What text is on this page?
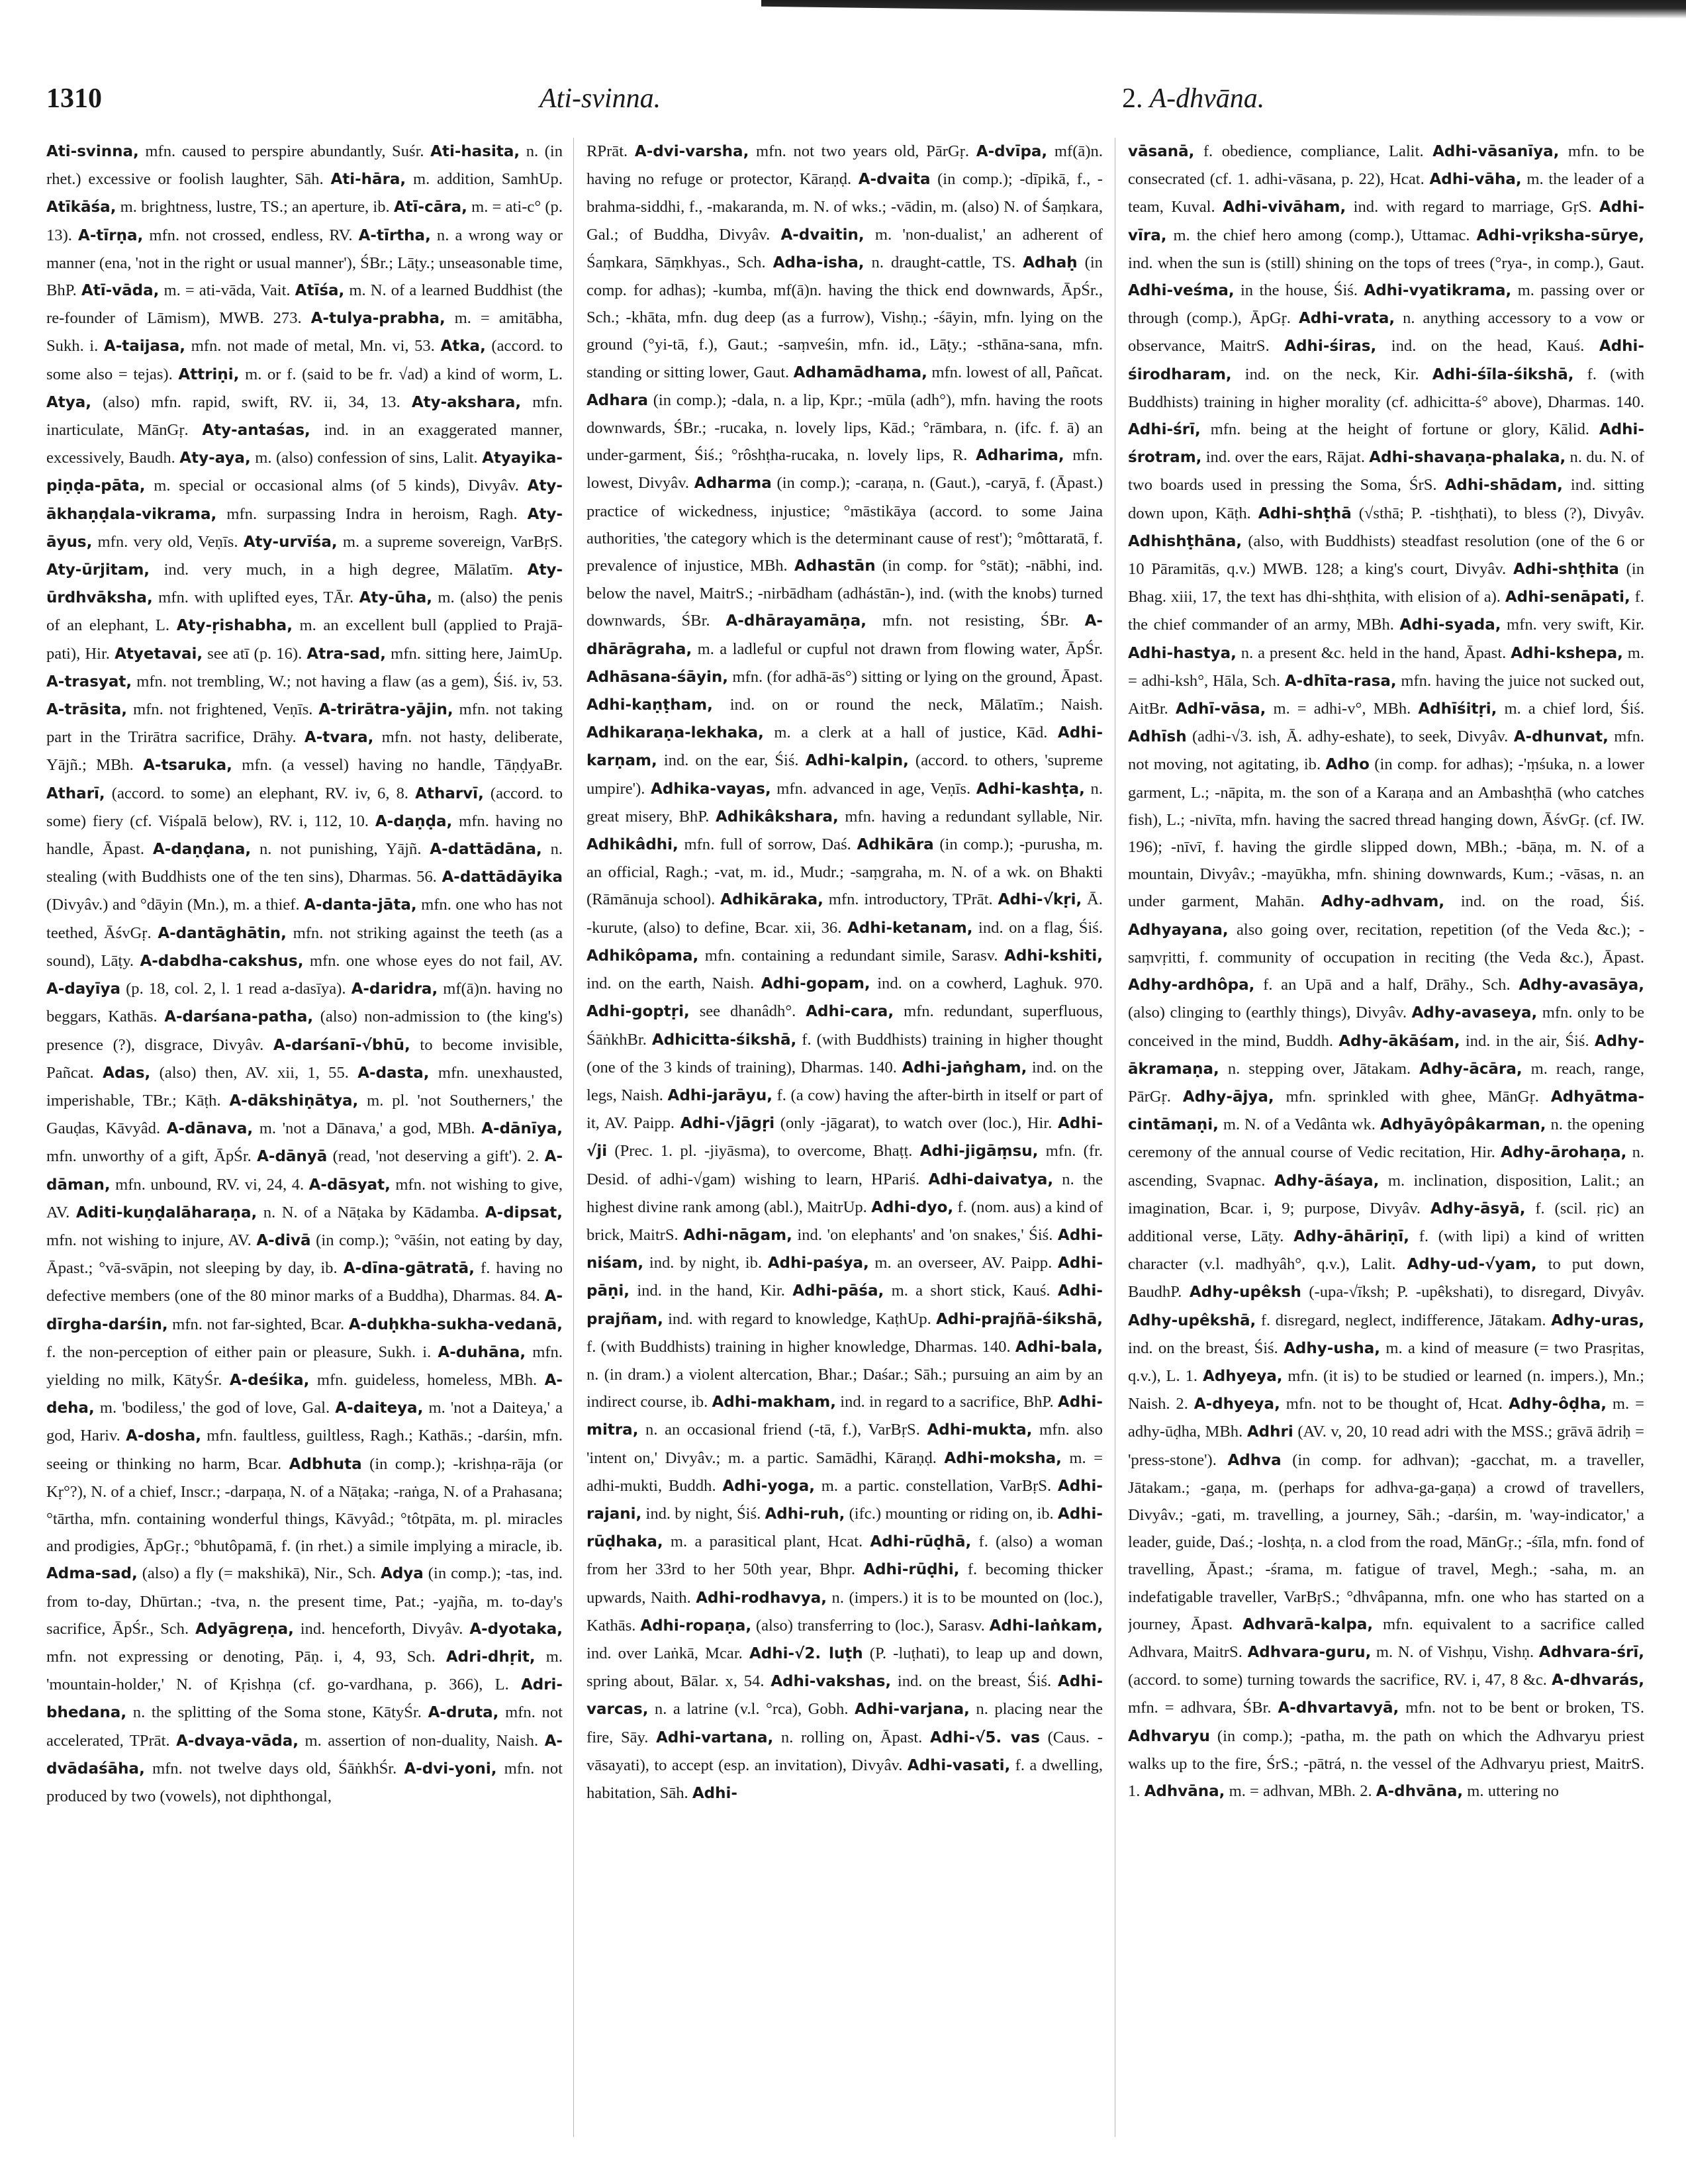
1310	Ati-svinna.	2. A-dhvāna.
Ati-svinna, mfn. caused to perspire abundantly, Suśr. Ati-hasita, n. (in rhet.) excessive or foolish laughter, Sāh. Ati-hāra, m. addition, SamhUp. Atīkāśa, m. brightness, lustre, TS.; an aperture, ib. Atī-cāra, m. = ati-c° (p. 13). A-tīrṇa, mfn. not crossed, endless, RV. A-tīrtha, n. a wrong way or manner (ena, 'not in the right or usual manner'), ŚBr.; Lāṭy.; unseasonable time, BhP. Atī-vāda, m. = ati-vāda, Vait. Atīśa, m. N. of a learned Buddhist (the re-founder of Lāmism), MWB. 273. A-tulya-prabha, m. = amitābha, Sukh. i. A-taijasa, mfn. not made of metal, Mn. vi, 53. Atka, (accord. to some also = tejas). Attriṇi, m. or f. (said to be fr. √ad) a kind of worm, L. Atya, (also) mfn. rapid, swift, RV. ii, 34, 13. Aty-akshara, mfn. inarticulate, MānGṛ. Aty-antaśas, ind. in an exaggerated manner, excessively, Baudh. Aty-aya, m. (also) confession of sins, Lalit. Atyayika-piṇḍa-pāta, m. special or occasional alms (of 5 kinds), Divyâv. Aty-ākhaṇḍala-vikrama, mfn. surpassing Indra in heroism, Ragh. Aty-āyus, mfn. very old, Veṇīs. Aty-urvīśa, m. a supreme sovereign, VarBṛS. Aty-ūrjitam, ind. very much, in a high degree, Mālatīm. Aty-ūrdhvāksha, mfn. with uplifted eyes, TĀr. Aty-ūha, m. (also) the penis of an elephant, L. Aty-ṛishabha, m. an excellent bull (applied to Prajā-pati), Hir. Atyetavai, see atī (p. 16). Atra-sad, mfn. sitting here, JaimUp. A-trasyat, mfn. not trembling, W.; not having a flaw (as a gem), Śiś. iv, 53. A-trāsita, mfn. not frightened, Veṇīs. A-trirātra-yājin, mfn. not taking part in the Trirātra sacrifice, Drāhy. A-tvara, mfn. not hasty, deliberate, Yājñ.; MBh. A-tsaruka, mfn. (a vessel) having no handle, TāṇḍyaBr. Atharī, (accord. to some) an elephant, RV. iv, 6, 8. Atharvī, (accord. to some) fiery (cf. Viśpalā below), RV. i, 112, 10. A-daṇḍa, mfn. having no handle, Āpast. A-daṇḍana, n. not punishing, Yājñ. A-dattādāna, n. stealing (with Buddhists one of the ten sins), Dharmas. 56. A-dattādāyika (Divyâv.) and °dāyin (Mn.), m. a thief. A-danta-jāta, mfn. one who has not teethed, ĀśvGṛ. A-dantāghātin, mfn. not striking against the teeth (as a sound), Lāṭy. A-dabdha-cakshus, mfn. one whose eyes do not fail, AV. A-dayīya (p. 18, col. 2, l. 1 read a-dasīya). A-daridra, mf(ā)n. having no beggars, Kathās. A-darśana-patha, (also) non-admission to (the king's) presence (?), disgrace, Divyâv. A-darśanī-√bhū, to become invisible, Pañcat. Adas, (also) then, AV. xii, 1, 55. A-dasta, mfn. unexhausted, imperishable, TBr.; Kāṭh. A-dākshiṇātya, m. pl. 'not Southerners,' the Gauḍas, Kāvyâd. A-dānava, m. 'not a Dānava,' a god, MBh. A-dānīya, mfn. unworthy of a gift, ĀpŚr. A-dānyā (read, 'not deserving a gift'). 2. A-dāman, mfn. unbound, RV. vi, 24, 4. A-dāsyat, mfn. not wishing to give, AV. Aditi-kuṇḍalāharaṇa, n. N. of a Nāṭaka by Kādamba. A-dipsat, mfn. not wishing to injure, AV. A-divā (in comp.); °vāśin, not eating by day, Āpast.; °vā-svāpin, not sleeping by day, ib. A-dīna-gātratā, f. having no defective members (one of the 80 minor marks of a Buddha), Dharmas. 84. A-dīrgha-darśin, mfn. not far-sighted, Bcar. A-duḥkha-sukha-vedanā, f. the non-perception of either pain or pleasure, Sukh. i. A-duhāna, mfn. yielding no milk, KātyŚr. A-deśika, mfn. guideless, homeless, MBh. A-deha, m. 'bodiless,' the god of love, Gal. A-daiteya, m. 'not a Daiteya,' a god, Hariv. A-dosha, mfn. faultless, guiltless, Ragh.; Kathās.; -darśin, mfn. seeing or thinking no harm, Bcar. Adbhuta (in comp.); -krishṇa-rāja (or Kṛ°?), N. of a chief, Inscr.; -darpaṇa, N. of a Nāṭaka; -raṅga, N. of a Prahasana; °tārtha, mfn. containing wonderful things, Kāvyâd.; °tôtpāta, m. pl. miracles and prodigies, ĀpGṛ.; °bhutôpamā, f. (in rhet.) a simile implying a miracle, ib. Adma-sad, (also) a fly (= makshikā), Nir., Sch. Adya (in comp.); -tas, ind. from to-day, Dhūrtan.; -tva, n. the present time, Pat.; -yajña, m. to-day's sacrifice, ĀpŚr., Sch. Adyāgreṇa, ind. henceforth, Divyâv. A-dyotaka, mfn. not expressing or denoting, Pāṇ. i, 4, 93, Sch. Adri-dhṛit, m. 'mountain-holder,' N. of Kṛishṇa (cf. go-vardhana, p. 366), L. Adri-bhedana, n. the splitting of the Soma stone, KātyŚr. A-druta, mfn. not accelerated, TPrāt. A-dvaya-vāda, m. assertion of non-duality, Naish. A-dvādaśāha, mfn. not twelve days old, ŚāṅkhŚr. A-dvi-yoni, mfn. not produced by two (vowels), not diphthongal,
RPrāt. A-dvi-varsha, mfn. not two years old, PārGṛ. A-dvīpa, mf(ā)n. having no refuge or protector, Kāraṇḍ. A-dvaita (in comp.); -dīpikā, f., -brahma-siddhi, f., -makaranda, m. N. of wks.; -vādin, m. (also) N. of Śaṃkara, Gal.; of Buddha, Divyâv. A-dvaitin, m. 'non-dualist,' an adherent of Śaṃkara, Sāṃkhyas., Sch. Adha-isha, n. draught-cattle, TS. Adhaḥ (in comp. for adhas); -kumba, mf(ā)n. having the thick end downwards, ĀpŚr., Sch.; -khāta, mfn. dug deep (as a furrow), Vishṇ.; -śāyin, mfn. lying on the ground (°yi-tā, f.), Gaut.; -saṃveśin, mfn. id., Lāṭy.; -sthāna-sana, mfn. standing or sitting lower, Gaut. Adhamādhama, mfn. lowest of all, Pañcat. Adhara (in comp.); -dala, n. a lip, Kpr.; -mūla (adh°), mfn. having the roots downwards, ŚBr.; -rucaka, n. lovely lips, Kād.; °rāmbara, n. (ifc. f. ā) an under-garment, Śiś.; °rôshṭha-rucaka, n. lovely lips, R. Adharima, mfn. lowest, Divyâv. Adharma (in comp.); -caraṇa, n. (Gaut.), -caryā, f. (Āpast.) practice of wickedness, injustice; °māstikāya (accord. to some Jaina authorities, 'the category which is the determinant cause of rest'); °môttaratā, f. prevalence of injustice, MBh. Adhastān (in comp. for °stāt); -nābhi, ind. below the navel, MaitrS.; -nirbādham (adhástān-), ind. (with the knobs) turned downwards, ŚBr. A-dhārayamāṇa, mfn. not resisting, ŚBr. A-dhārāgraha, m. a ladleful or cupful not drawn from flowing water, ĀpŚr. Adhāsana-śāyin, mfn. (for adhā-ās°) sitting or lying on the ground, Āpast. Adhi-kaṇṭham, ind. on or round the neck, Mālatīm.; Naish. Adhikaraṇa-lekhaka, m. a clerk at a hall of justice, Kād. Adhi-karṇam, ind. on the ear, Śiś. Adhi-kalpin, (accord. to others, 'supreme umpire'). Adhika-vayas, mfn. advanced in age, Veṇīs. Adhi-kashṭa, n. great misery, BhP. Adhikâkshara, mfn. having a redundant syllable, Nir. Adhikâdhi, mfn. full of sorrow, Daś. Adhikāra (in comp.); -purusha, m. an official, Ragh.; -vat, m. id., Mudr.; -saṃgraha, m. N. of a wk. on Bhakti (Rāmānuja school). Adhikāraka, mfn. introductory, TPrāt. Adhi-√kṛi, Ā. -kurute, (also) to define, Bcar. xii, 36. Adhi-ketanam, ind. on a flag, Śiś. Adhikôpama, mfn. containing a redundant simile, Sarasv. Adhi-kshiti, ind. on the earth, Naish. Adhi-gopam, ind. on a cowherd, Laghuk. 970. Adhi-goptṛi, see dhanâdh°. Adhi-cara, mfn. redundant, superfluous, ŚāṅkhBr. Adhicitta-śikshā, f. (with Buddhists) training in higher thought (one of the 3 kinds of training), Dharmas. 140. Adhi-jaṅgham, ind. on the legs, Naish. Adhi-jarāyu, f. (a cow) having the after-birth in itself or part of it, AV. Paipp. Adhi-√jāgṛi (only -jāgarat), to watch over (loc.), Hir. Adhi-√ji (Prec. 1. pl. -jiyāsma), to overcome, Bhaṭṭ. Adhi-jigāṃsu, mfn. (fr. Desid. of adhi-√gam) wishing to learn, HPariś. Adhi-daivatya, n. the highest divine rank among (abl.), MaitrUp. Adhi-dyo, f. (nom. aus) a kind of brick, MaitrS. Adhi-nāgam, ind. 'on elephants' and 'on snakes,' Śiś. Adhi-niśam, ind. by night, ib. Adhi-paśya, m. an overseer, AV. Paipp. Adhi-pāṇi, ind. in the hand, Kir. Adhi-pāśa, m. a short stick, Kauś. Adhi-prajñam, ind. with regard to knowledge, KaṭhUp. Adhi-prajñā-śikshā, f. (with Buddhists) training in higher knowledge, Dharmas. 140. Adhi-bala, n. (in dram.) a violent altercation, Bhar.; Daśar.; Sāh.; pursuing an aim by an indirect course, ib. Adhi-makham, ind. in regard to a sacrifice, BhP. Adhi-mitra, n. an occasional friend (-tā, f.), VarBṛS. Adhi-mukta, mfn. also 'intent on,' Divyâv.; m. a partic. Samādhi, Kāraṇḍ. Adhi-moksha, m. = adhi-mukti, Buddh. Adhi-yoga, m. a partic. constellation, VarBṛS. Adhi-rajani, ind. by night, Śiś. Adhi-ruh, (ifc.) mounting or riding on, ib. Adhi-rūḍhaka, m. a parasitical plant, Hcat. Adhi-rūḍhā, f. (also) a woman from her 33rd to her 50th year, Bhpr. Adhi-rūḍhi, f. becoming thicker upwards, Naith. Adhi-rodhavya, n. (impers.) it is to be mounted on (loc.), Kathās. Adhi-ropaṇa, (also) transferring to (loc.), Sarasv. Adhi-laṅkam, ind. over Laṅkā, Mcar. Adhi-√2. luṭh (P. -luṭhati), to leap up and down, spring about, Bālar. x, 54. Adhi-vakshas, ind. on the breast, Śiś. Adhi-varcas, n. a latrine (v.l. °rca), Gobh. Adhi-varjana, n. placing near the fire, Sāy. Adhi-vartana, n. rolling on, Āpast. Adhi-√5. vas (Caus. -vāsayati), to accept (esp. an invitation), Divyâv. Adhi-vasati, f. a dwelling, habitation, Sāh. Adhi-
vāsanā, f. obedience, compliance, Lalit. Adhi-vāsanīya, mfn. to be consecrated (cf. 1. adhi-vāsana, p. 22), Hcat. Adhi-vāha, m. the leader of a team, Kuval. Adhi-vivāham, ind. with regard to marriage, GṛS. Adhi-vīra, m. the chief hero among (comp.), Uttamac. Adhi-vṛiksha-sūrye, ind. when the sun is (still) shining on the tops of trees (°rya-, in comp.), Gaut. Adhi-veśma, in the house, Śiś. Adhi-vyatikrama, m. passing over or through (comp.), ĀpGṛ. Adhi-vrata, n. anything accessory to a vow or observance, MaitrS. Adhi-śiras, ind. on the head, Kauś. Adhi-śirodharam, ind. on the neck, Kir. Adhi-śīla-śikshā, f. (with Buddhists) training in higher morality (cf. adhicitta-ś° above), Dharmas. 140. Adhi-śrī, mfn. being at the height of fortune or glory, Kālid. Adhi-śrotram, ind. over the ears, Rājat. Adhi-shavaṇa-phalaka, n. du. N. of two boards used in pressing the Soma, ŚrS. Adhi-shādam, ind. sitting down upon, Kāṭh. Adhi-shṭhā (√sthā; P. -tishṭhati), to bless (?), Divyâv. Adhishṭhāna, (also, with Buddhists) steadfast resolution (one of the 6 or 10 Pāramitās, q.v.) MWB. 128; a king's court, Divyâv. Adhi-shṭhita (in Bhag. xiii, 17, the text has dhi-shṭhita, with elision of a). Adhi-senāpati, f. the chief commander of an army, MBh. Adhi-syada, mfn. very swift, Kir. Adhi-hastya, n. a present &c. held in the hand, Āpast. Adhi-kshepa, m. = adhi-ksh°, Hāla, Sch. A-dhīta-rasa, mfn. having the juice not sucked out, AitBr. Adhī-vāsa, m. = adhi-v°, MBh. Adhīśitṛi, m. a chief lord, Śiś. Adhīsh (adhi-√3. ish, Ā. adhy-eshate), to seek, Divyâv. A-dhunvat, mfn. not moving, not agitating, ib. Adho (in comp. for adhas); -'ṃśuka, n. a lower garment, L.; -nāpita, m. the son of a Karaṇa and an Ambashṭhā (who catches fish), L.; -nivīta, mfn. having the sacred thread hanging down, ĀśvGṛ. (cf. IW. 196); -nīvī, f. having the girdle slipped down, MBh.; -bāṇa, m. N. of a mountain, Divyâv.; -mayūkha, mfn. shining downwards, Kum.; -vāsas, n. an under garment, Mahān. Adhy-adhvam, ind. on the road, Śiś. Adhyayana, also going over, recitation, repetition (of the Veda &c.); -saṃvṛitti, f. community of occupation in reciting (the Veda &c.), Āpast. Adhy-ardhôpa, f. an Upā and a half, Drāhy., Sch. Adhy-avasāya, (also) clinging to (earthly things), Divyâv. Adhy-avaseya, mfn. only to be conceived in the mind, Buddh. Adhy-ākāśam, ind. in the air, Śiś. Adhy-ākramaṇa, n. stepping over, Jātakam. Adhy-ācāra, m. reach, range, PārGṛ. Adhy-ājya, mfn. sprinkled with ghee, MānGṛ. Adhyātma-cintāmaṇi, m. N. of a Vedânta wk. Adhyāyôpâkarman, n. the opening ceremony of the annual course of Vedic recitation, Hir. Adhy-ārohaṇa, n. ascending, Svapnac. Adhy-āśaya, m. inclination, disposition, Lalit.; an imagination, Bcar. i, 9; purpose, Divyâv. Adhy-āsyā, f. (scil. ṛic) an additional verse, Lāṭy. Adhy-āhāriṇī, f. (with lipi) a kind of written character (v.l. madhyâh°, q.v.), Lalit. Adhy-ud-√yam, to put down, BaudhP. Adhy-upêksh (-upa-√īksh; P. -upêkshati), to disregard, Divyâv. Adhy-upêkshā, f. disregard, neglect, indifference, Jātakam. Adhy-uras, ind. on the breast, Śiś. Adhy-usha, m. a kind of measure (= two Prasṛitas, q.v.), L. 1. Adhyeya, mfn. (it is) to be studied or learned (n. impers.), Mn.; Naish. 2. A-dhyeya, mfn. not to be thought of, Hcat. Adhy-ôḍha, m. = adhy-ūḍha, MBh. Adhri (AV. v, 20, 10 read adri with the MSS.; grāvā ādriḥ = 'press-stone'). Adhva (in comp. for adhvan); -gacchat, m. a traveller, Jātakam.; -gaṇa, m. (perhaps for adhva-ga-gaṇa) a crowd of travellers, Divyâv.; -gati, m. travelling, a journey, Sāh.; -darśin, m. 'way-indicator,' a leader, guide, Daś.; -loshṭa, n. a clod from the road, MānGṛ.; -śīla, mfn. fond of travelling, Āpast.; -śrama, m. fatigue of travel, Megh.; -saha, m. an indefatigable traveller, VarBṛS.; °dhvâpanna, mfn. one who has started on a journey, Āpast. Adhvarā-kalpa, mfn. equivalent to a sacrifice called Adhvara, MaitrS. Adhvara-guru, m. N. of Vishṇu, Vishṇ. Adhvara-śrī, (accord. to some) turning towards the sacrifice, RV. i, 47, 8 &c. A-dhvarás, mfn. = adhvara, ŚBr. A-dhvartavyā, mfn. not to be bent or broken, TS. Adhvaryu (in comp.); -patha, m. the path on which the Adhvaryu priest walks up to the fire, ŚrS.; -pātrá, n. the vessel of the Adhvaryu priest, MaitrS. 1. Adhvāna, m. = adhvan, MBh. 2. A-dhvāna, m. uttering no
